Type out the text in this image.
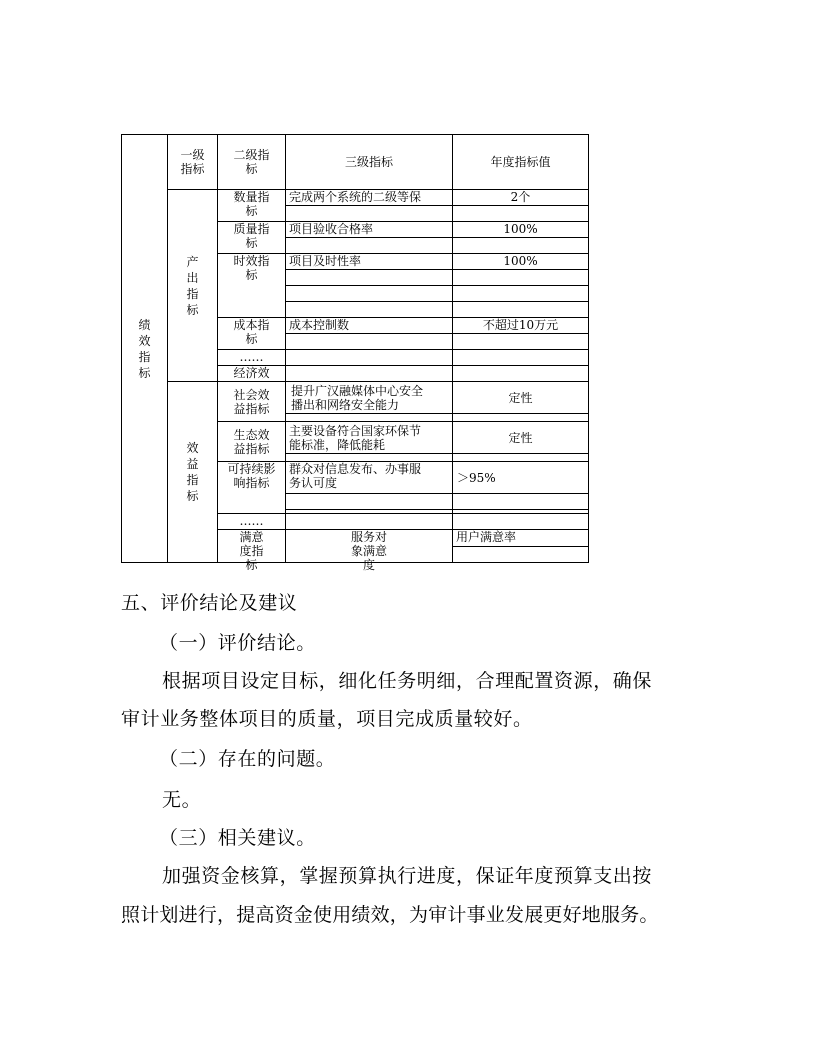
绩效指标	一级指标	二级指标	三级指标	年度指标值	

	产出指标	数量指标	完成两个系统的二级等保	2个	

		质量指标	项目验收合格率	100%	

		时效指标	项目及时性率	100%	

		成本指标	成本控制数	不超过10万元	

		……			
		经济效			

	效益指标	社会效益指标	提升广汉融媒体中心安全播出和网络安全能力	定性	

		生态效益指标	主要设备符合国家环保节能标准，降低能耗	定性	

		可持续影响指标	群众对信息发布、办事服务认可度	＞95%	

		……			

		满意度指标	服务对象满意度	用户满意率	

五、评价结论及建议

（一）评价结论。

根据项目设定目标，细化任务明细，合理配置资源，确保

审计业务整体项目的质量，项目完成质量较好。

（二）存在的问题。

无。

（三）相关建议。

加强资金核算，掌握预算执行进度，保证年度预算支出按

照计划进行，提高资金使用绩效，为审计事业发展更好地服务。
